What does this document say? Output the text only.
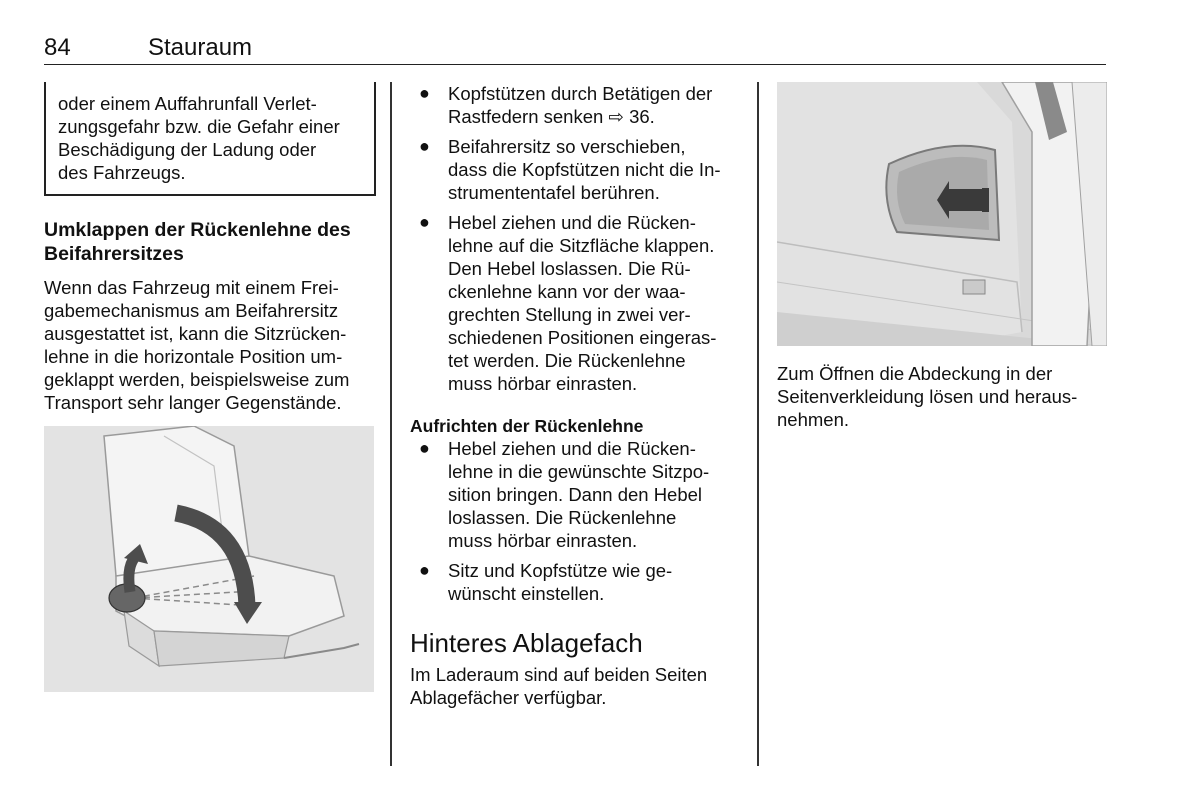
84	Stauraum
oder einem Auffahrunfall Verlet-
zungsgefahr bzw. die Gefahr einer
Beschädigung der Ladung oder
des Fahrzeugs.
Umklappen der Rückenlehne des
Beifahrersitzes
Wenn das Fahrzeug mit einem Frei-
gabemechanismus am Beifahrersitz
ausgestattet ist, kann die Sitzrücken-
lehne in die horizontale Position um-
geklappt werden, beispielsweise zum
Transport sehr langer Gegenstände.
● Kopfstützen durch Betätigen der
Rastfedern senken ⇨ 36.
● Beifahrersitz so verschieben,
dass die Kopfstützen nicht die In-
strumententafel berühren.
● Hebel ziehen und die Rücken-
lehne auf die Sitzfläche klappen.
Den Hebel loslassen. Die Rü-
ckenlehne kann vor der waa-
grechten Stellung in zwei ver-
schiedenen Positionen eingeras-
tet werden. Die Rückenlehne
muss hörbar einrasten.
Aufrichten der Rückenlehne
● Hebel ziehen und die Rücken-
lehne in die gewünschte Sitzpo-
sition bringen. Dann den Hebel
loslassen. Die Rückenlehne
muss hörbar einrasten.
● Sitz und Kopfstütze wie ge-
wünscht einstellen.
Hinteres Ablagefach
Im Laderaum sind auf beiden Seiten
Ablagefächer verfügbar.
Zum Öffnen die Abdeckung in der
Seitenverkleidung lösen und heraus-
nehmen.
